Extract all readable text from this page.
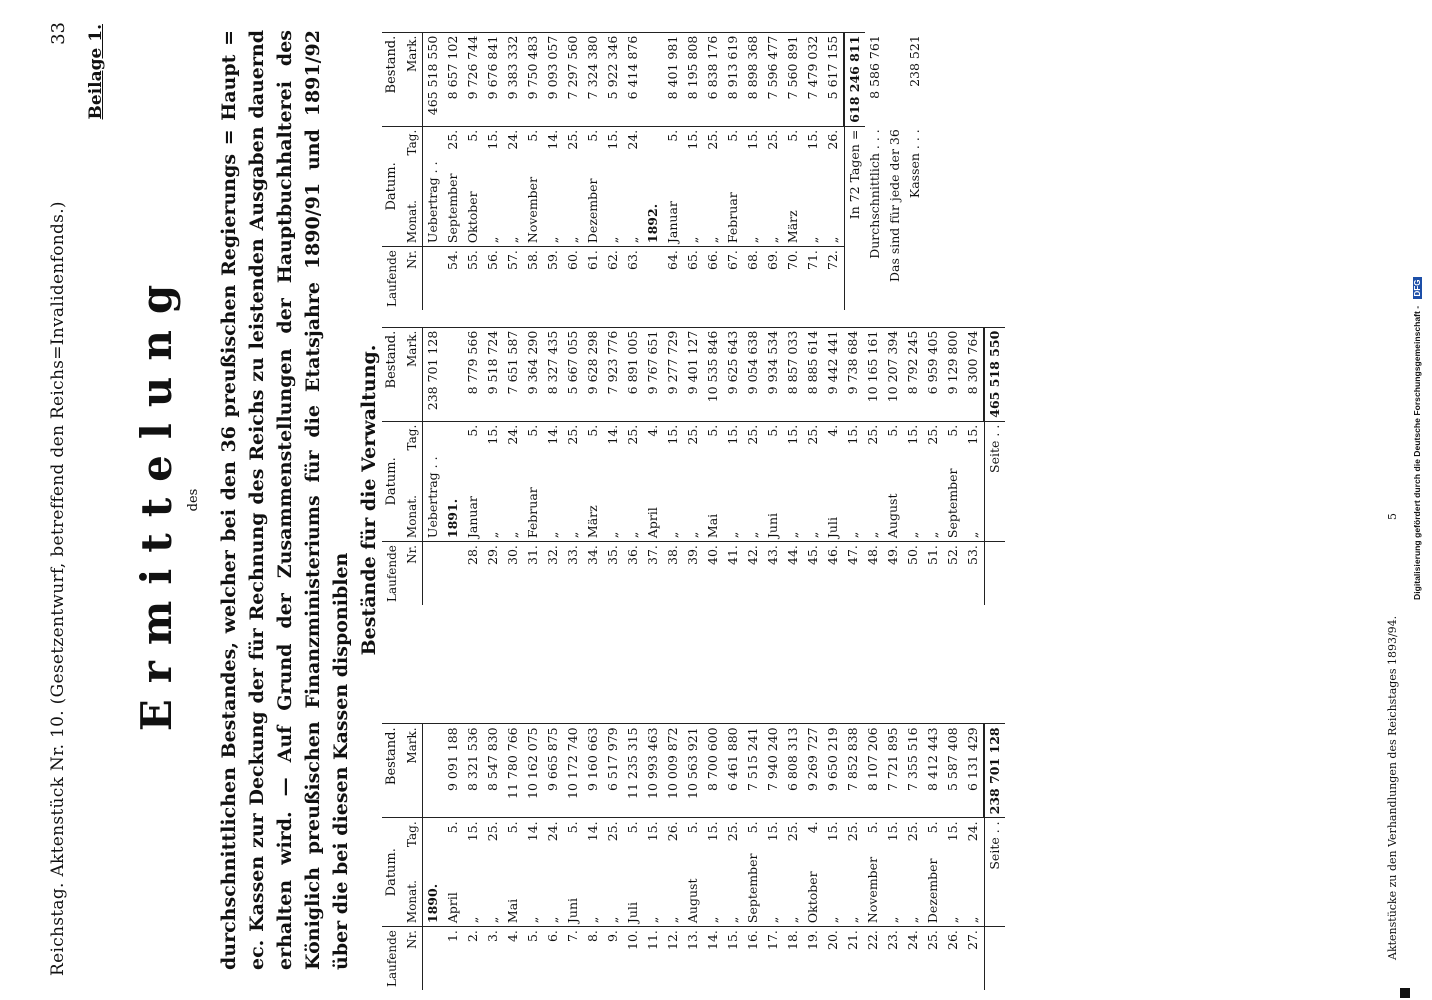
Reichstag. Aktenstück Nr. 10. (Gesetzentwurf, betreffend den Reichs=Invalidenfonds.)
33 Beilage 1.
Ermittelung des durchschnittlichen Bestandes, welcher bei den 36 preußischen Regierungs = Haupt = ec. Kassen zur Deckung der für Rechnung des Reichs zu leistenden Ausgaben dauernd erhalten wird. — Auf Grund der Zusammenstellungen der Hauptbuchhalterei des Königlich preußischen Finanzministeriums für die Etatsjahre 1890/91 und 1891/92 über die bei diesen Kassen disponiblen
Bestände für die Verwaltung.
Laufende Nr.	Datum.		Bestand.
	Monat.	Tag.	Mark.
	1890.		
1.	April	5.	9 091 188
2.	„	15.	8 321 536
3.	„	25.	8 547 830
4.	Mai	5.	11 780 766
5.	„	14.	10 162 075
6.	„	24.	9 665 875
7.	Juni	5.	10 172 740
8.	„	14.	9 160 663
9.	„	25.	6 517 979
10.	Juli	5.	11 235 315
11.	„	15.	10 993 463
12.	„	26.	10 009 872
13.	August	5.	10 563 921
14.	„	15.	8 700 600
15.	„	25.	6 461 880
16.	September	5.	7 515 241
17.	„	15.	7 940 240
18.	„	25.	6 808 313
19.	Oktober	4.	9 269 727
20.	„	15.	9 650 219
21.	„	25.	7 852 838
22.	November	5.	8 107 206
23.	„	15.	7 721 895
24.	„	25.	7 355 516
25.	Dezember	5.	8 412 443
26.	„	15.	5 587 408
27.	„	24.	6 131 429
	Seite . .		238 701 128
Laufende Nr.	Datum.		Bestand.
	Monat.	Tag.	Mark.
	Uebertrag . .		238 701 128
	1891.		
28.	Januar	5.	8 779 566
29.	„	15.	9 518 724
30.	„	24.	7 651 587
31.	Februar	5.	9 364 290
32.	„	14.	8 327 435
33.	„	25.	5 667 055
34.	März	5.	9 628 298
35.	„	14.	7 923 776
36.	„	25.	6 891 005
37.	April	4.	9 767 651
38.	„	15.	9 277 729
39.	„	25.	9 401 127
40.	Mai	5.	10 535 846
41.	„	15.	9 625 643
42.	„	25.	9 054 638
43.	Juni	5.	9 934 534
44.	„	15.	8 857 033
45.	„	25.	8 885 614
46.	Juli	4.	9 442 441
47.	„	15.	9 738 684
48.	„	25.	10 165 161
49.	August	5.	10 207 394
50.	„	15.	8 792 245
51.	„	25.	6 959 405
52.	September	5.	9 129 800
53.	„	15.	8 300 764
	Seite . .		465 518 550
Laufende Nr.	Datum.		Bestand.
	Monat.	Tag.	Mark.
	Uebertrag . .		465 518 550
54.	September	25.	8 657 102
55.	Oktober	5.	9 726 744
56.	„	15.	9 676 841
57.	„	24.	9 383 332
58.	November	5.	9 750 483
59.	„	14.	9 093 057
60.	„	25.	7 297 560
61.	Dezember	5.	7 324 380
62.	„	15.	5 922 346
63.	„	24.	6 414 876
	1892.		
64.	Januar	5.	8 401 981
65.	„	15.	8 195 808
66.	„	25.	6 838 176
67.	Februar	5.	8 913 619
68.	„	15.	8 898 368
69.	„	25.	7 596 477
70.	März	5.	7 560 891
71.	„	15.	7 479 032
72.	„	26.	5 617 155
In 72 Tagen =			618 246 811
Durchschnittlich . . .			8 586 761
Das sind für jede der 36 Kassen . . .			238 521
Aktenstücke zu den Verhandlungen des Reichstages 1893/94.
5 Digitalisierung gefördert durch die Deutsche Forschungsgemeinschaft - DFG
